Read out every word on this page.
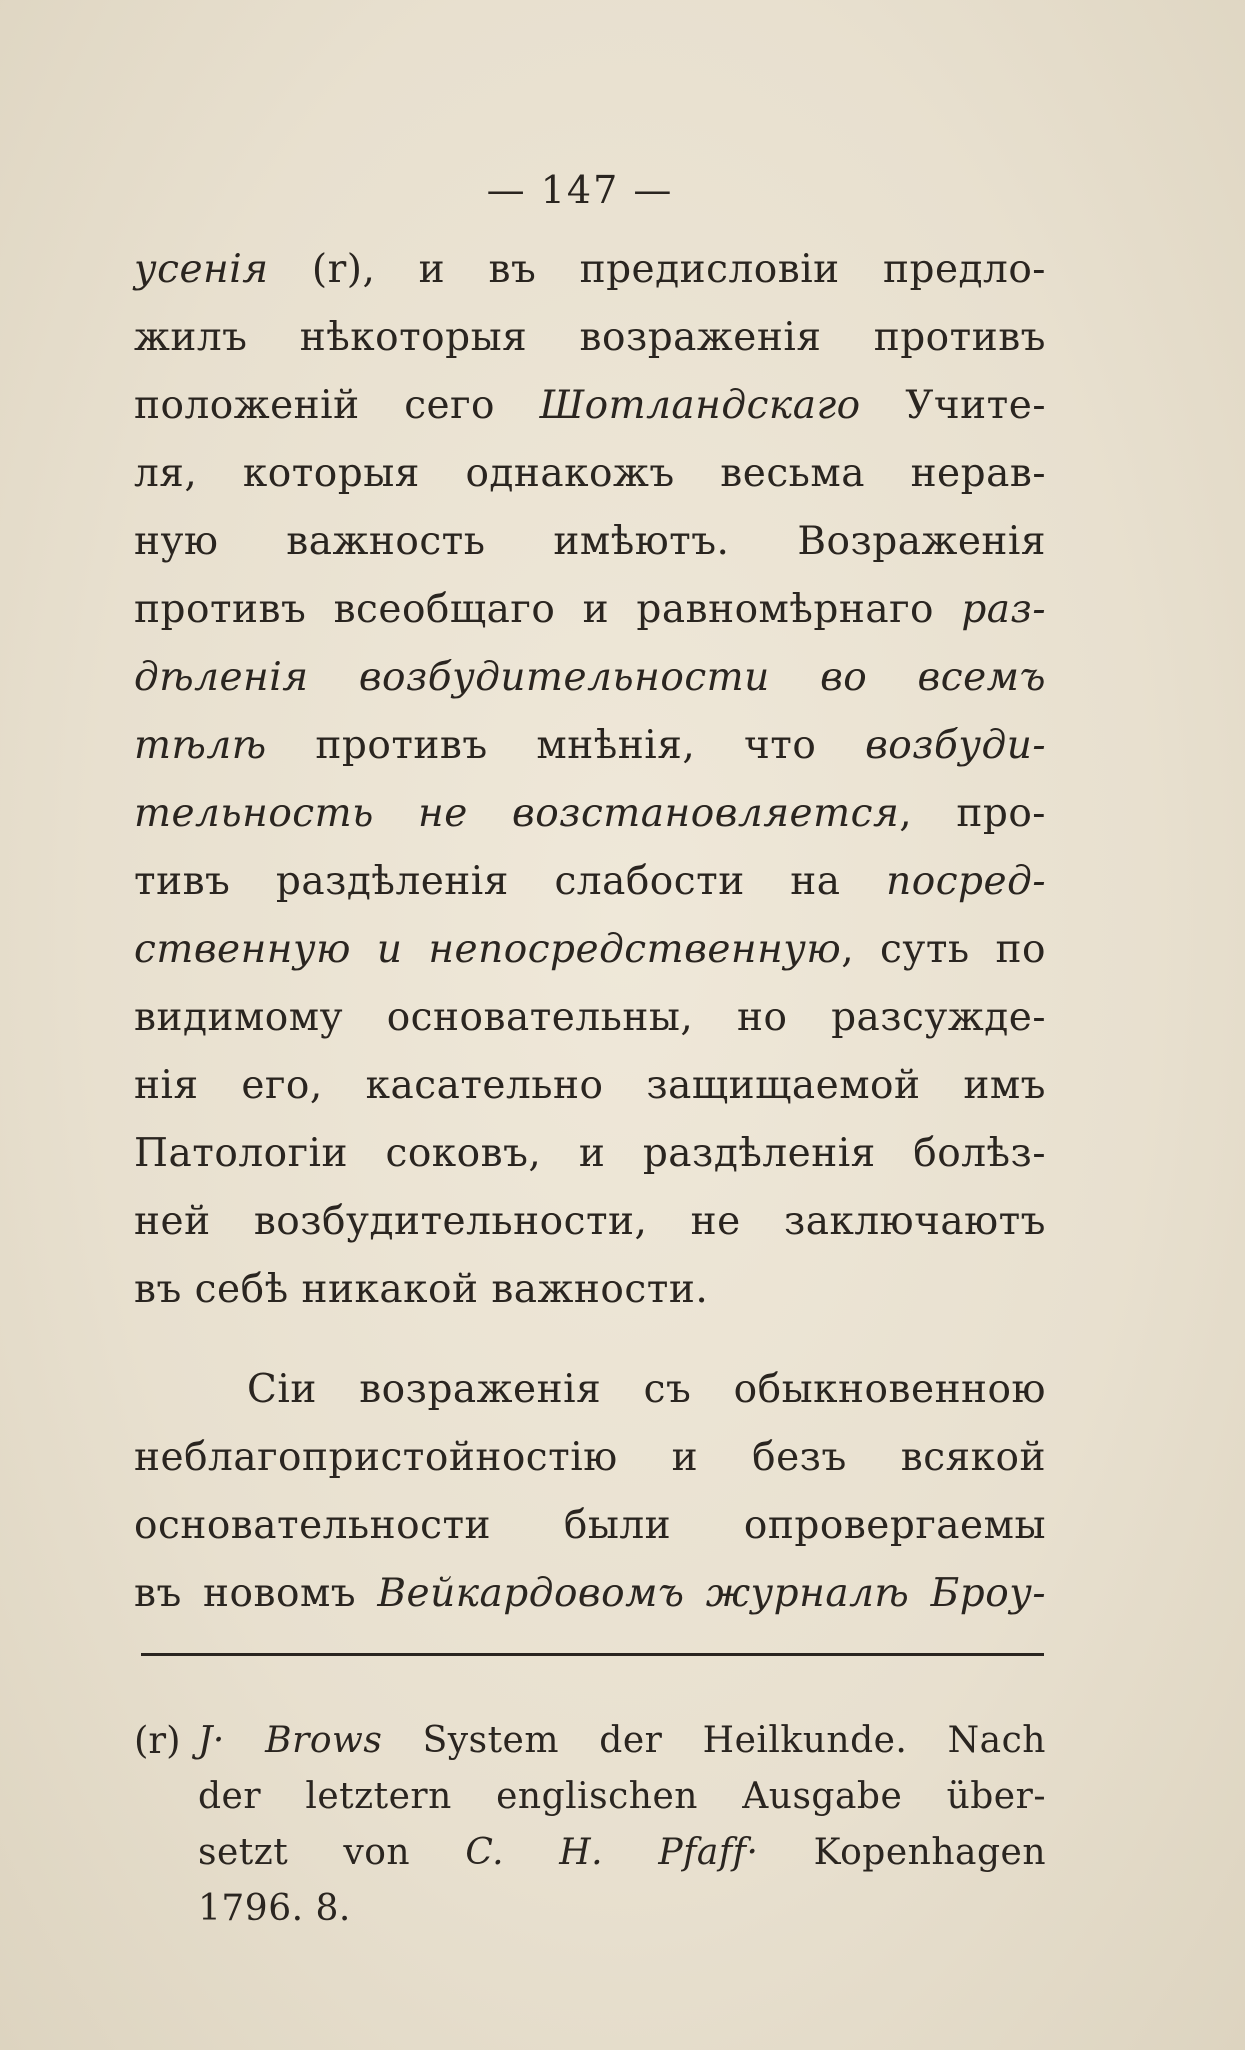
— 147 —
уcенія (r), и въ предисловіи предло-
жилъ нѣкоторыя возраженія противъ
положеній сего Шотландскаго Учите-
ля, которыя однакожъ весьма нерав-
ную важность имѣютъ. Возраженія
противъ всеобщаго и равномѣрнаго раз-
дѣленія возбудительности во всемъ
тѣлѣ противъ мнѣнія, что возбуди-
тельность не возстановляется, про-
тивъ раздѣленія слабости на посред-
ственную и непосредственную, суть по
видимому основательны, но разсужде-
нія его, касательно защищаемой имъ
Патологіи соковъ, и раздѣленія болѣз-
ней возбудительности, не заключаютъ
въ себѣ никакой важности.
Сіи возраженія съ обыкновенною
неблагопристойностію и безъ всякой
основательности были опровергаемы
въ новомъ Вейкардовомъ журналѣ Броу-
(r) J· Brows System der Heilkunde. Nach
der letztern englischen Ausgabe über-
setzt von C. H. Pfaff· Kopenhagen
1796. 8.
